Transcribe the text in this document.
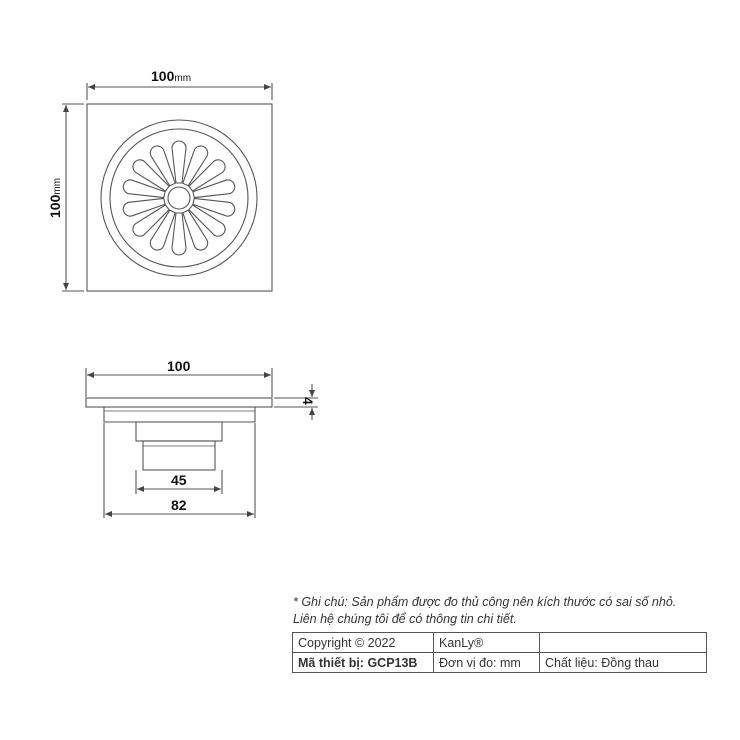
100mm
100mm
100
4
45
82
* Ghi chú: Sản phẩm được đo thủ công nên kích thước có sai số nhỏ.
Liên hệ chúng tôi để có thông tin chi tiết.
Copyright © 2022	KanLy®	
Mã thiết bị: GCP13B	Đơn vị đo: mm	Chất liệu: Đồng thau
